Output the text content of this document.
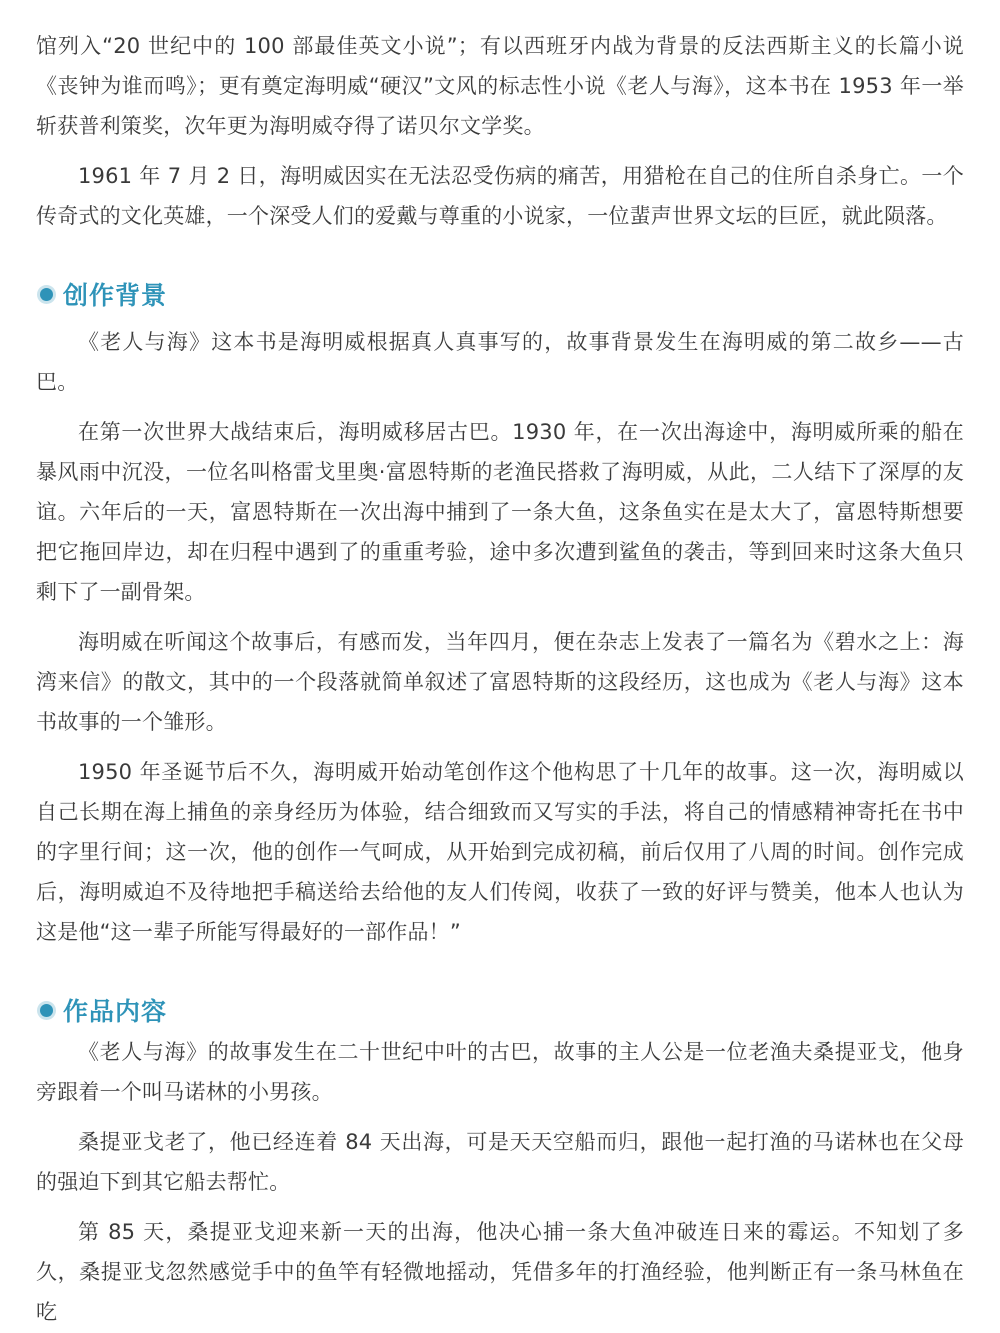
馆列入“20 世纪中的 100 部最佳英文小说”；有以西班牙内战为背景的反法西斯主义的长篇小说《丧钟为谁而鸣》；更有奠定海明威“硬汉”文风的标志性小说《老人与海》，这本书在 1953 年一举斩获普利策奖，次年更为海明威夺得了诺贝尔文学奖。

1961 年 7 月 2 日，海明威因实在无法忍受伤病的痛苦，用猎枪在自己的住所自杀身亡。一个传奇式的文化英雄，一个深受人们的爱戴与尊重的小说家，一位蜚声世界文坛的巨匠，就此陨落。

创作背景

《老人与海》这本书是海明威根据真人真事写的，故事背景发生在海明威的第二故乡——古巴。

在第一次世界大战结束后，海明威移居古巴。1930 年，在一次出海途中，海明威所乘的船在暴风雨中沉没，一位名叫格雷戈里奥·富恩特斯的老渔民搭救了海明威，从此，二人结下了深厚的友谊。六年后的一天，富恩特斯在一次出海中捕到了一条大鱼，这条鱼实在是太大了，富恩特斯想要把它拖回岸边，却在归程中遇到了的重重考验，途中多次遭到鲨鱼的袭击，等到回来时这条大鱼只剩下了一副骨架。

海明威在听闻这个故事后，有感而发，当年四月，便在杂志上发表了一篇名为《碧水之上：海湾来信》的散文，其中的一个段落就简单叙述了富恩特斯的这段经历，这也成为《老人与海》这本书故事的一个雏形。

1950 年圣诞节后不久，海明威开始动笔创作这个他构思了十几年的故事。这一次，海明威以自己长期在海上捕鱼的亲身经历为体验，结合细致而又写实的手法，将自己的情感精神寄托在书中的字里行间；这一次，他的创作一气呵成，从开始到完成初稿，前后仅用了八周的时间。创作完成后，海明威迫不及待地把手稿送给去给他的友人们传阅，收获了一致的好评与赞美，他本人也认为这是他“这一辈子所能写得最好的一部作品！”

作品内容

《老人与海》的故事发生在二十世纪中叶的古巴，故事的主人公是一位老渔夫桑提亚戈，他身旁跟着一个叫马诺林的小男孩。

桑提亚戈老了，他已经连着 84 天出海，可是天天空船而归，跟他一起打渔的马诺林也在父母的强迫下到其它船去帮忙。

第 85 天，桑提亚戈迎来新一天的出海，他决心捕一条大鱼冲破连日来的霉运。不知划了多久，桑提亚戈忽然感觉手中的鱼竿有轻微地摇动，凭借多年的打渔经验，他判断正有一条马林鱼在吃
